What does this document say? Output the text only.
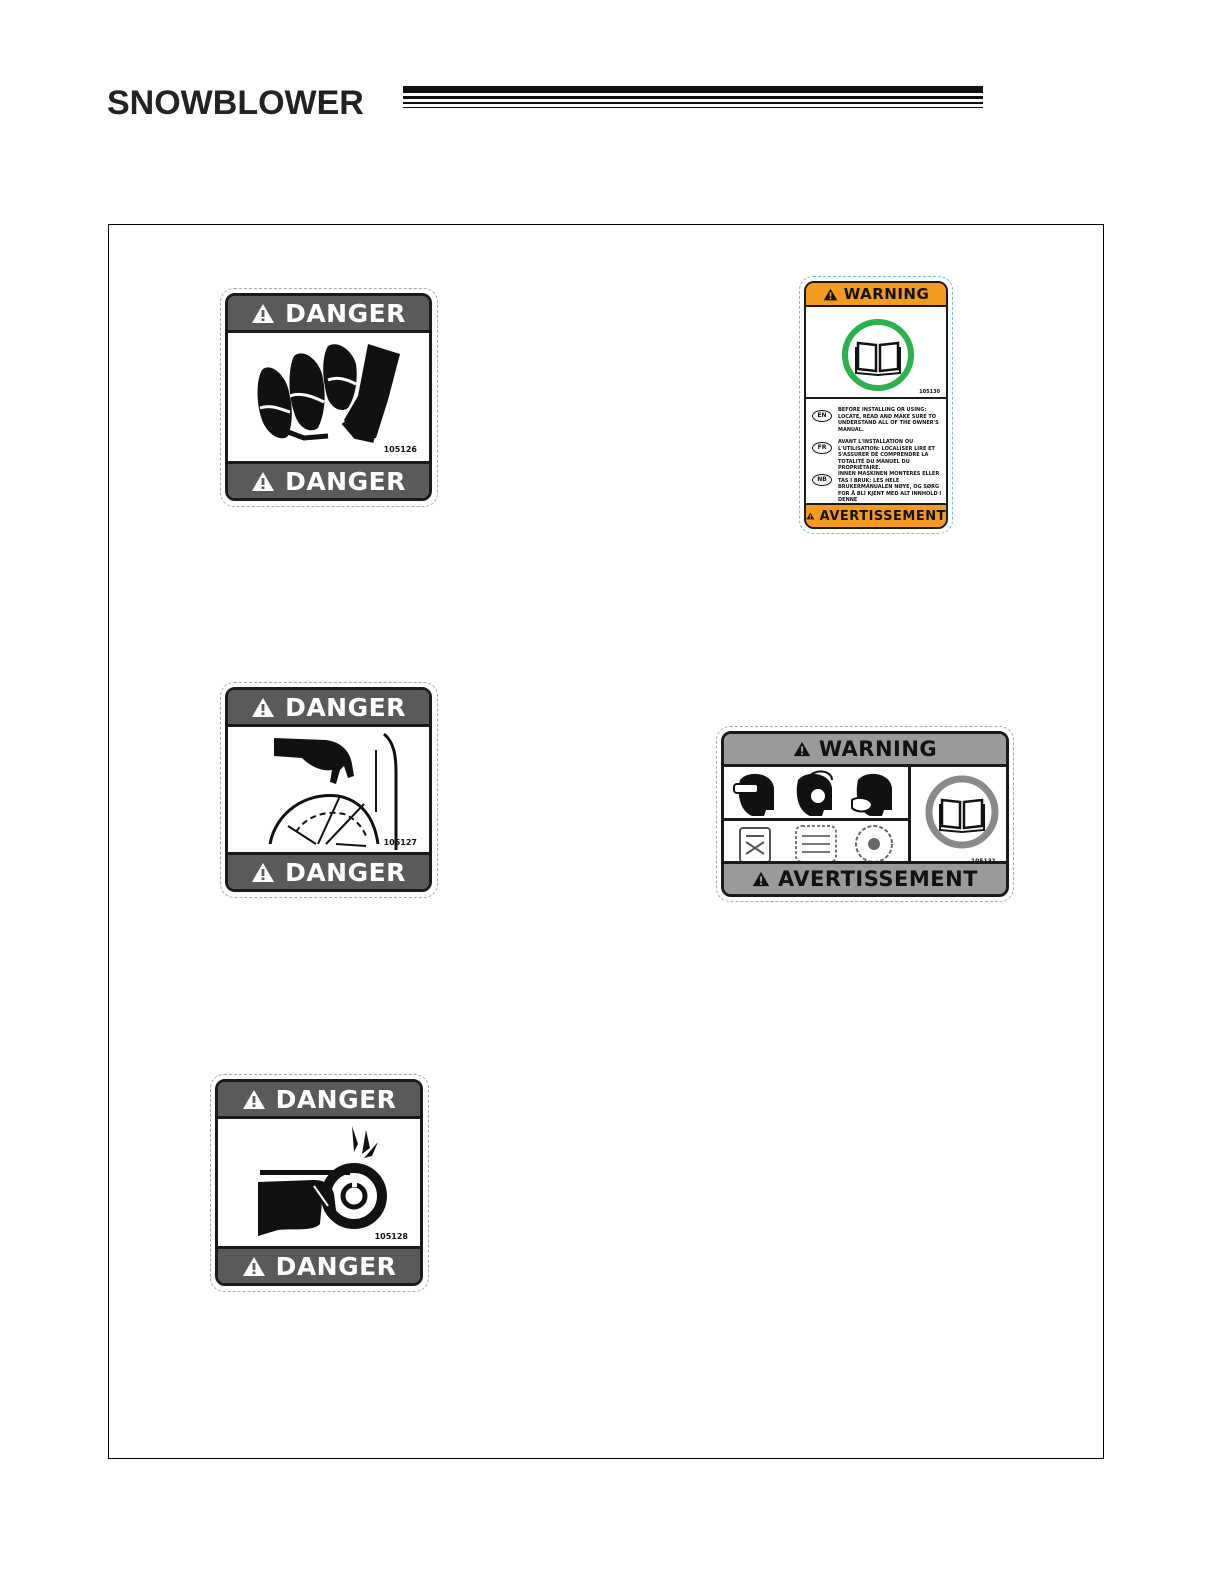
SNOWBLOWER
DANGER
105126
DANGER
DANGER
105127
DANGER
DANGER
105128
DANGER
WARNING
105130
EN
BEFORE INSTALLING OR USING: LOCATE, READ AND MAKE SURE TO UNDERSTAND ALL OF THE OWNER'S MANUAL.
FR
AVANT L'INSTALLATION OU L'UTILISATION: LOCALISER LIRE ET S'ASSURER DE COMPRENDRE LA TOTALITÉ DU MANUEL DU PROPRIÉTAIRE.
NB
INNEN MASKINEN MONTERES ELLER TAS I BRUK: LES HELE BRUKERMANUALEN NØYE, OG SØRG FOR Å BLI KJENT MED ALT INNHOLD I DENNE
AVERTISSEMENT
WARNING
AVERTISSEMENT
